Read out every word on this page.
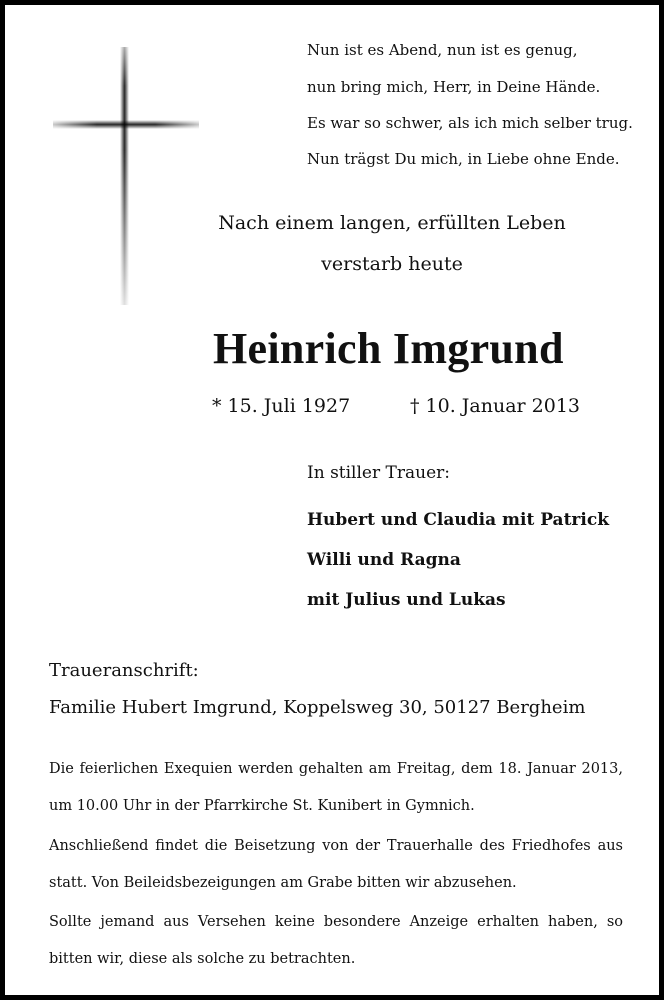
Nun ist es Abend, nun ist es genug,
nun bring mich, Herr, in Deine Hände.
Es war so schwer, als ich mich selber trug.
Nun trägst Du mich, in Liebe ohne Ende.
Nach einem langen, erfüllten Leben
verstarb heute
Heinrich Imgrund
* 15. Juli 1927	† 10. Januar 2013
In stiller Trauer:
Hubert und Claudia mit Patrick
Willi und Ragna
mit Julius und Lukas
Traueranschrift:
Familie Hubert Imgrund, Koppelsweg 30, 50127 Bergheim
Die feierlichen Exequien werden gehalten am Freitag, dem 18. Januar 2013, um 10.00 Uhr in der Pfarrkirche St. Kunibert in Gymnich.
Anschließend findet die Beisetzung von der Trauerhalle des Friedhofes aus statt. Von Beileidsbezeigungen am Grabe bitten wir abzusehen.
Sollte jemand aus Versehen keine besondere Anzeige erhalten haben, so bitten wir, diese als solche zu betrachten.
